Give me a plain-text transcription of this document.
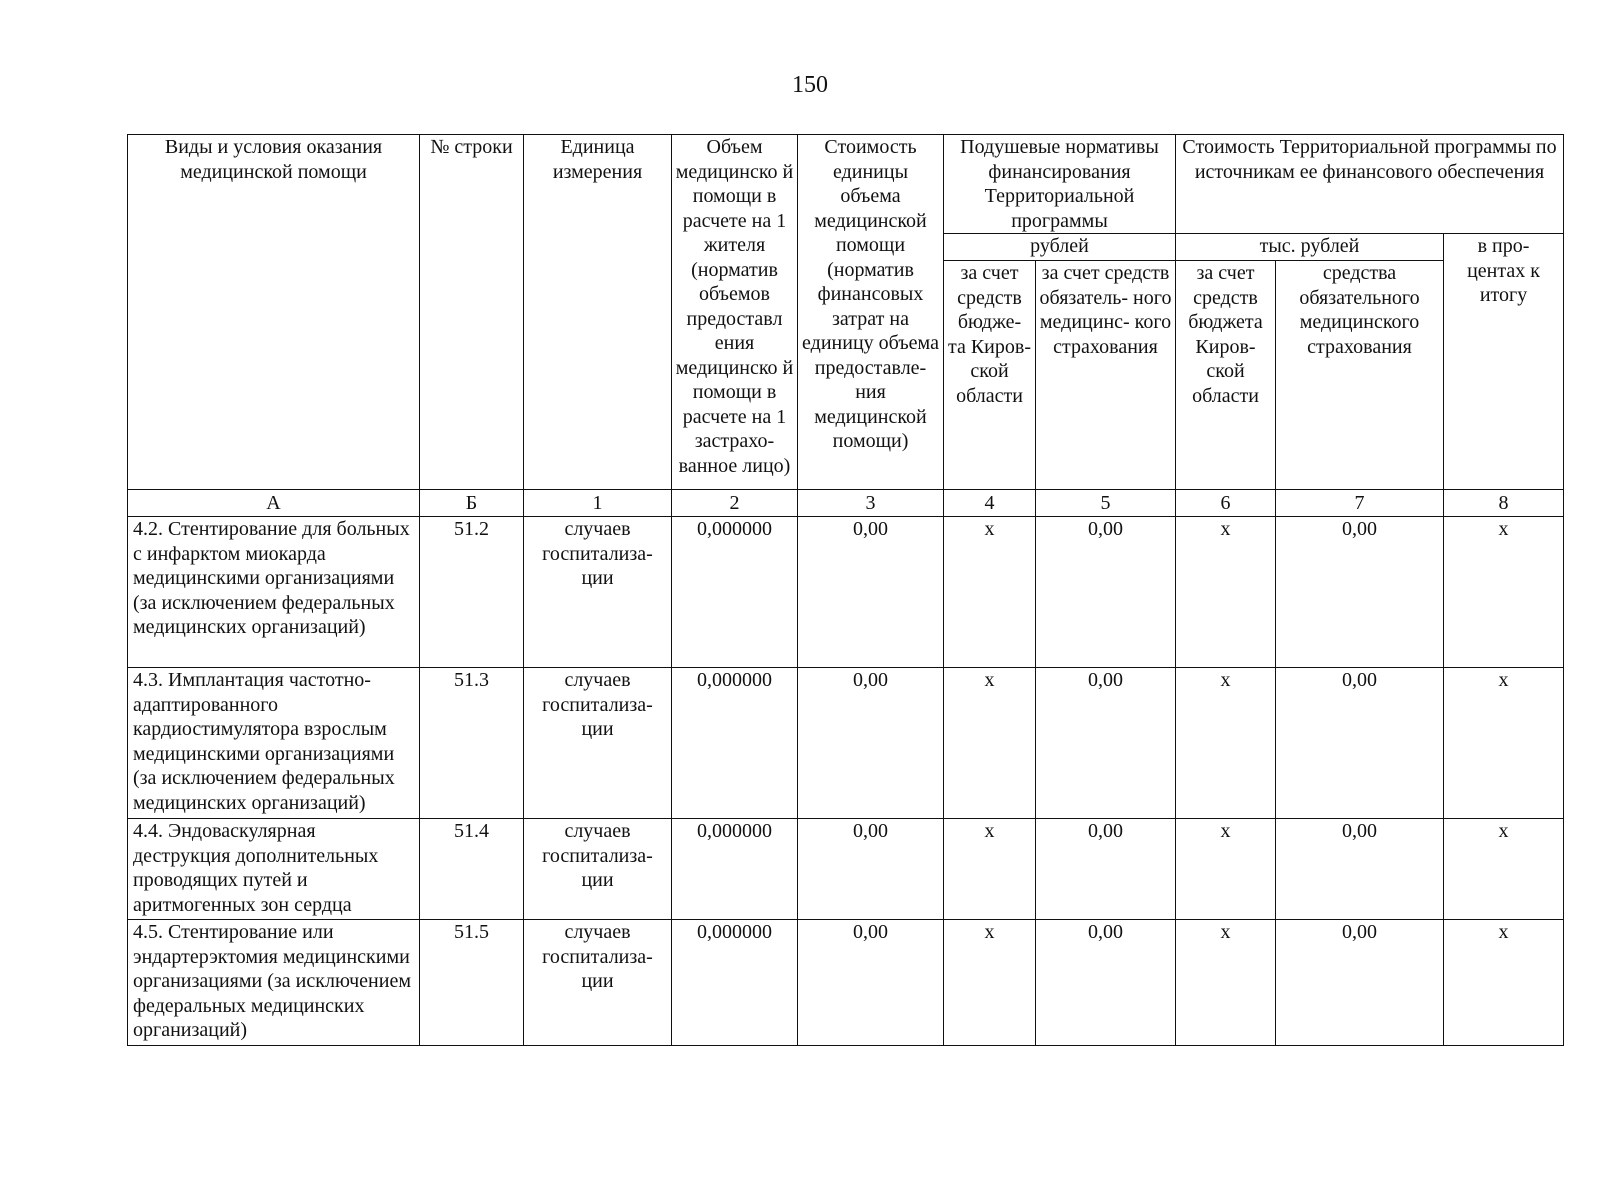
150
Виды и условия оказания медицинской помощи	№ строки	Единица измерения	Объем медицинско й помощи в расчете на 1 жителя (норматив объемов предоставл ения медицинско й помощи в расчете на 1 застрахо- ванное лицо)	Стоимость единицы объема медицинской помощи (норматив финансовых затрат на единицу объема предоставле- ния медицинской помощи)	Подушевые нормативы финансирования Территориальной программы		Стоимость Территориальной программы по источникам ее финансового обеспечения		
					рублей		тыс. рублей		в про- центах к итогу
					за счет средств бюдже- та Киров- ской области	за счет средств обязатель- ного медицинс- кого страхования	за счет средств бюджета Киров- ской области	средства обязательного медицинского страхования	
А	Б	1	2	3	4	5	6	7	8
4.2. Стентирование для больных с инфарктом миокарда медицинскими организациями (за исключением федеральных медицинских организаций)	51.2	случаев госпитализа- ции	0,000000	0,00	x	0,00	x	0,00	x
4.3. Имплантация частотно- адаптированного кардиостимулятора взрослым медицинскими организациями (за исключением федеральных медицинских организаций)	51.3	случаев госпитализа- ции	0,000000	0,00	x	0,00	x	0,00	x
4.4. Эндоваскулярная деструкция дополнительных проводящих путей и аритмогенных зон сердца	51.4	случаев госпитализа- ции	0,000000	0,00	x	0,00	x	0,00	x
4.5. Стентирование или эндартерэктомия медицинскими организациями (за исключением федеральных медицинских организаций)	51.5	случаев госпитализа- ции	0,000000	0,00	x	0,00	x	0,00	x
